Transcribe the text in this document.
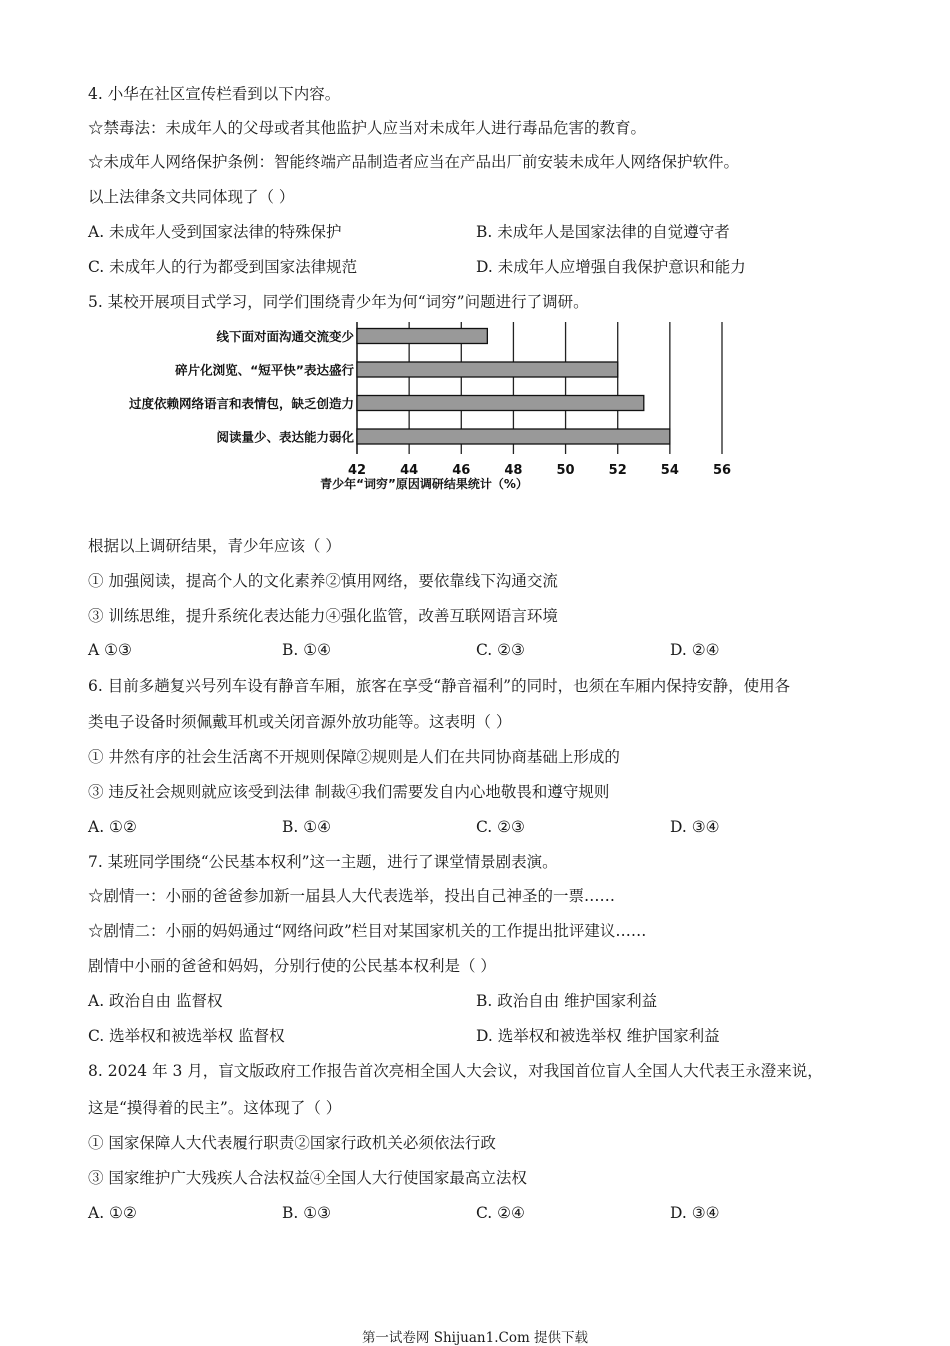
4. 小华在社区宣传栏看到以下内容。
☆禁毒法：未成年人的父母或者其他监护人应当对未成年人进行毒品危害的教育。
☆未成年人网络保护条例：智能终端产品制造者应当在产品出厂前安装未成年人网络保护软件。
以上法律条文共同体现了（ ）
A. 未成年人受到国家法律的特殊保护	B. 未成年人是国家法律的自觉遵守者
C. 未成年人的行为都受到国家法律规范	D. 未成年人应增强自我保护意识和能力
5. 某校开展项目式学习，同学们围绕青少年为何“词穷”问题进行了调研。
线下面对面沟通交流变少
碎片化浏览、“短平快”表达盛行
过度依赖网络语言和表情包，缺乏创造力
阅读量少、表达能力弱化
42	44	46	48	50	52	54	56
青少年“词穷”原因调研结果统计（%）
根据以上调研结果，青少年应该（ ）
① 加强阅读，提高个人的文化素养②慎用网络，要依靠线下沟通交流
③ 训练思维，提升系统化表达能力④强化监管，改善互联网语言环境
A ①③	B. ①④	C. ②③	D. ②④
6. 目前多趟复兴号列车设有静音车厢，旅客在享受“静音福利”的同时，也须在车厢内保持安静，使用各
类电子设备时须佩戴耳机或关闭音源外放功能等。这表明（ ）
① 井然有序的社会生活离不开规则保障②规则是人们在共同协商基础上形成的
③ 违反社会规则就应该受到法律 制裁④我们需要发自内心地敬畏和遵守规则
A. ①②	B. ①④	C. ②③	D. ③④
7. 某班同学围绕“公民基本权利”这一主题，进行了课堂情景剧表演。
☆剧情一：小丽的爸爸参加新一届县人大代表选举，投出自己神圣的一票……
☆剧情二：小丽的妈妈通过“网络问政”栏目对某国家机关的工作提出批评建议……
剧情中小丽的爸爸和妈妈，分别行使的公民基本权利是（ ）
A. 政治自由 监督权	B. 政治自由 维护国家利益
C. 选举权和被选举权 监督权	D. 选举权和被选举权 维护国家利益
8. 2024 年 3 月，盲文版政府工作报告首次亮相全国人大会议，对我国首位盲人全国人大代表王永澄来说，
这是“摸得着的民主”。这体现了（ ）
① 国家保障人大代表履行职责②国家行政机关必须依法行政
③ 国家维护广大残疾人合法权益④全国人大行使国家最高立法权
A. ①②	B. ①③	C. ②④	D. ③④
第一试卷网 Shijuan1.Com 提供下载
